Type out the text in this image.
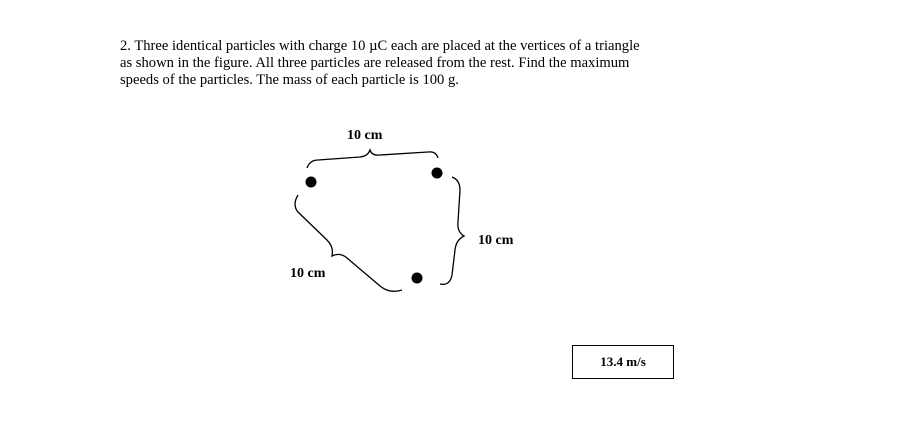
2. Three identical particles with charge 10 µC each are placed at the vertices of a triangle

as shown in the figure. All three particles are released from the rest. Find the maximum

speeds of the particles. The mass of each particle is 100 g.

10 cm
10 cm
10 cm
13.4 m/s
